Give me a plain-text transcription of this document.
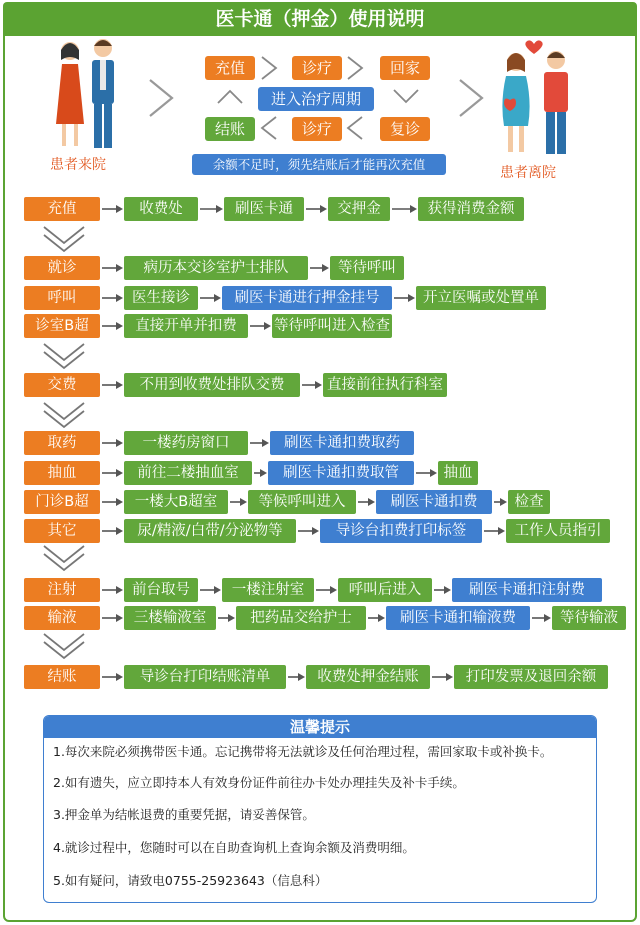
医卡通（押金）使用说明
患者来院	患者离院
充值	诊疗	回家
进入治疗周期
结账	诊疗	复诊
余额不足时，须先结账后才能再次充值
充值	收费处	刷医卡通	交押金	获得消费金额
就诊	病历本交诊室护士排队	等待呼叫
呼叫	医生接诊	刷医卡通进行押金挂号	开立医嘱或处置单
诊室B超	直接开单并扣费	等待呼叫进入检查
交费	不用到收费处排队交费	直接前往执行科室
取药	一楼药房窗口	刷医卡通扣费取药
抽血	前往二楼抽血室	刷医卡通扣费取管	抽血
门诊B超	一楼大B超室	等候呼叫进入	刷医卡通扣费	检查
其它	尿/精液/白带/分泌物等	导诊台扣费打印标签	工作人员指引
注射	前台取号	一楼注射室	呼叫后进入	刷医卡通扣注射费
输液	三楼输液室	把药品交给护士	刷医卡通扣输液费	等待输液
结账	导诊台打印结账清单	收费处押金结账	打印发票及退回余额
温馨提示
1.每次来院必须携带医卡通。忘记携带将无法就诊及任何治理过程，需回家取卡或补换卡。
2.如有遗失，应立即持本人有效身份证件前往办卡处办理挂失及补卡手续。
3.押金单为结帐退费的重要凭据，请妥善保管。
4.就诊过程中，您随时可以在自助查询机上查询余额及消费明细。
5.如有疑问，请致电0755-25923643（信息科）
